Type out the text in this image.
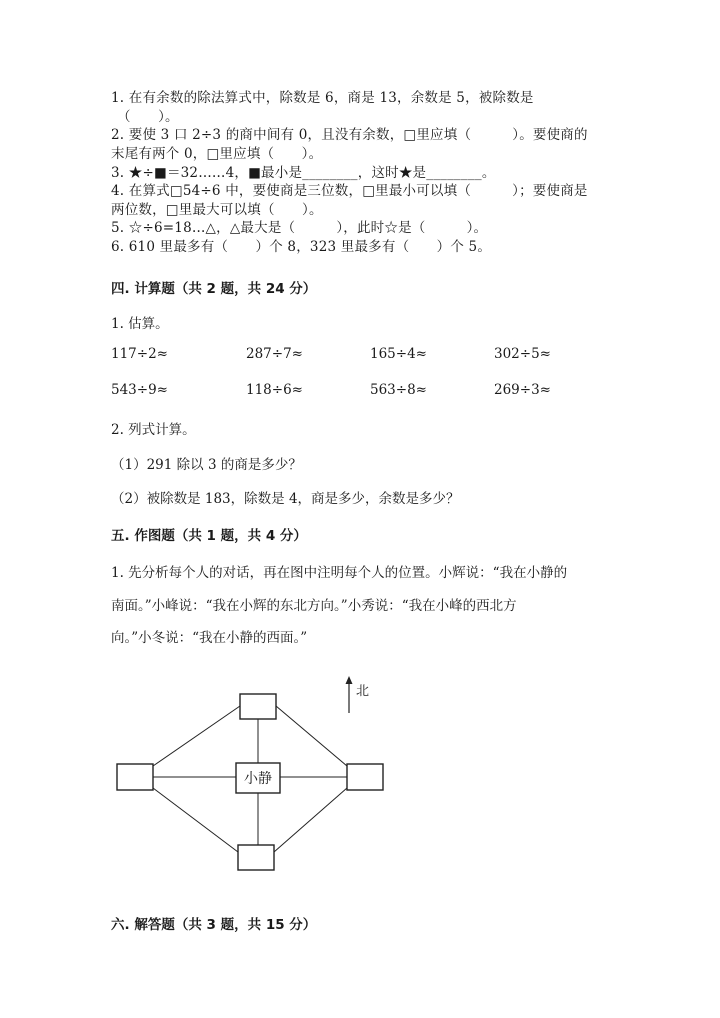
1. 在有余数的除法算式中，除数是 6，商是 13，余数是 5，被除数是
（　　）。
2. 要使 3 口 2÷3 的商中间有 0，且没有余数，□里应填（　　　）。要使商的
末尾有两个 0，□里应填（　　）。
3. ★÷■＝32……4，■最小是________，这时★是________。
4. 在算式□54÷6 中，要使商是三位数，□里最小可以填（　　　）；要使商是
两位数，□里最大可以填（　　）。
5. ☆÷6=18…△，△最大是（　　　），此时☆是（　　　）。
6. 610 里最多有（　　）个 8，323 里最多有（　　）个 5。
四. 计算题（共 2 题，共 24 分）
1. 估算。
117÷2≈	287÷7≈	165÷4≈	302÷5≈
543÷9≈	118÷6≈	563÷8≈	269÷3≈
2. 列式计算。
（1）291 除以 3 的商是多少？
（2）被除数是 183，除数是 4，商是多少，余数是多少？
五. 作图题（共 1 题，共 4 分）
1. 先分析每个人的对话，再在图中注明每个人的位置。小辉说：“我在小静的
南面。”小峰说：“我在小辉的东北方向。”小秀说：“我在小峰的西北方
向。”小冬说：“我在小静的西面。”
小静
北
六. 解答题（共 3 题，共 15 分）
